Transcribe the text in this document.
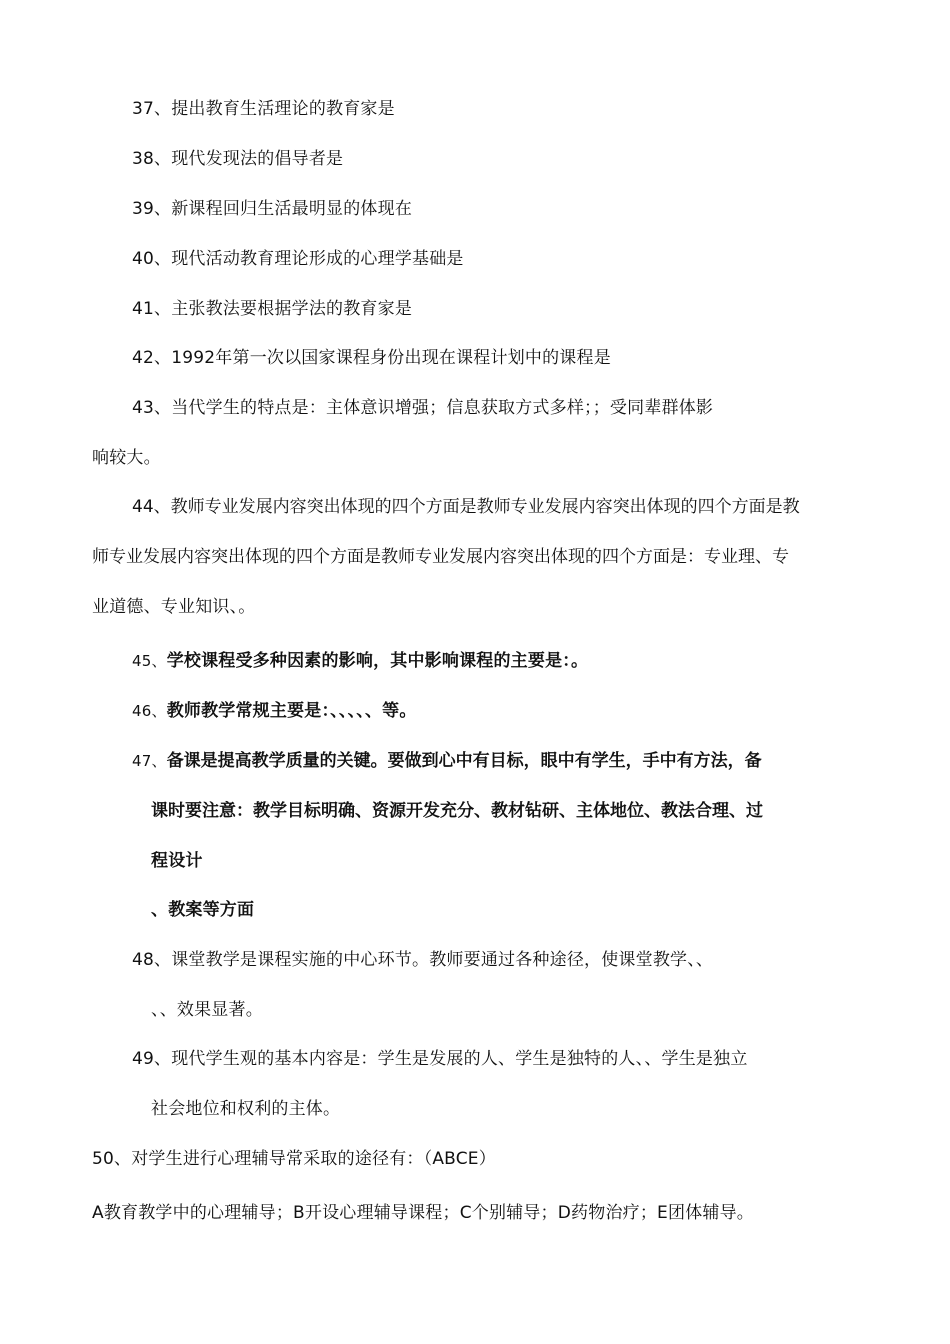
37、提出教育生活理论的教育家是

38、现代发现法的倡导者是

39、新课程回归生活最明显的体现在

40、现代活动教育理论形成的心理学基础是

41、主张教法要根据学法的教育家是

42、1992年第一次以国家课程身份出现在课程计划中的课程是

43、当代学生的特点是：主体意识增强；信息获取方式多样；；受同辈群体影

响较大。

44、教师专业发展内容突出体现的四个方面是教师专业发展内容突出体现的四个方面是教

师专业发展内容突出体现的四个方面是教师专业发展内容突出体现的四个方面是：专业理、专

业道德、专业知识、。

45、学校课程受多种因素的影响，其中影响课程的主要是：。

46、教师教学常规主要是：、、、、、等。

47、备课是提高教学质量的关键。要做到心中有目标，眼中有学生，手中有方法，备

课时要注意：教学目标明确、资源开发充分、教材钻研、主体地位、教法合理、过

程设计

、教案等方面

48、课堂教学是课程实施的中心环节。教师要通过各种途径，使课堂教学、、

、、效果显著。

49、现代学生观的基本内容是：学生是发展的人、学生是独特的人、、学生是独立

社会地位和权利的主体。

50、对学生进行心理辅导常采取的途径有：（ABCE）

A教育教学中的心理辅导；B开设心理辅导课程；C个别辅导；D药物治疗；E团体辅导。
